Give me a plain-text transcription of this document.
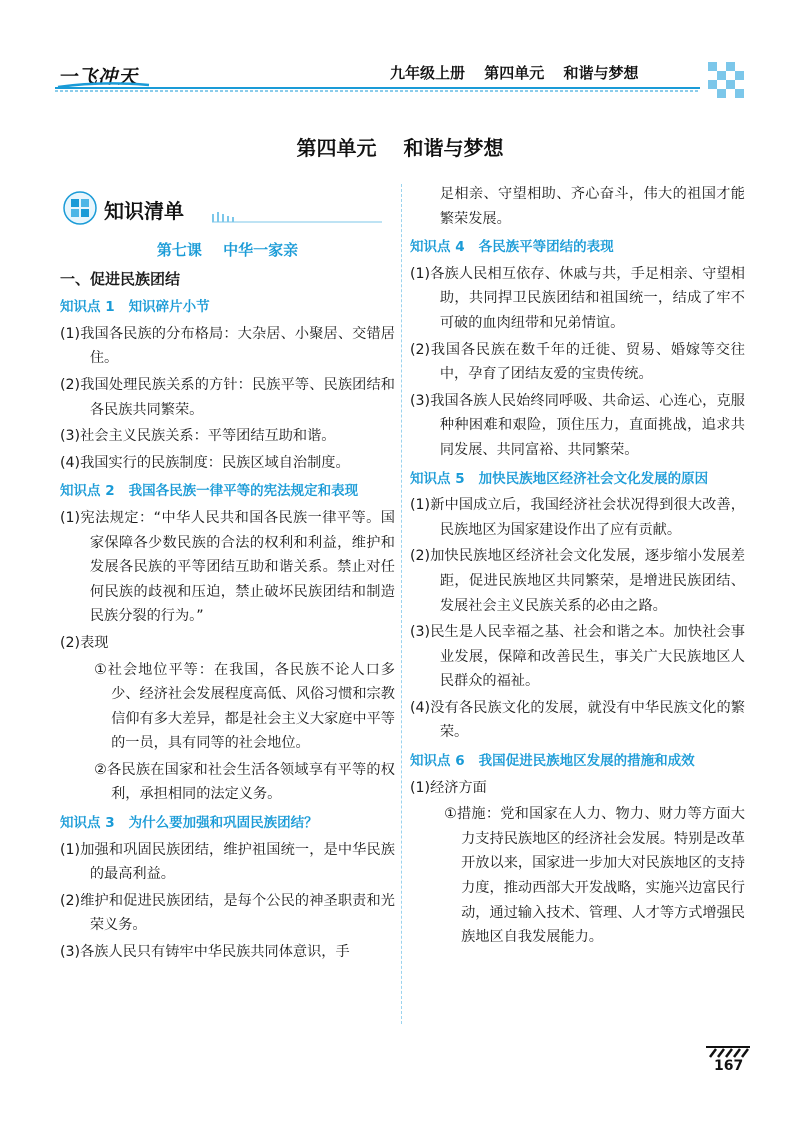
一飞冲天	九年级上册 第四单元 和谐与梦想
第四单元 和谐与梦想
知识清单
第七课 中华一家亲
一、促进民族团结
知识点 1 知识碎片小节

(1)我国各民族的分布格局：大杂居、小聚居、交错居住。

(2)我国处理民族关系的方针：民族平等、民族团结和各民族共同繁荣。

(3)社会主义民族关系：平等团结互助和谐。

(4)我国实行的民族制度：民族区域自治制度。

知识点 2 我国各民族一律平等的宪法规定和表现

(1)宪法规定：“中华人民共和国各民族一律平等。国家保障各少数民族的合法的权利和利益，维护和发展各民族的平等团结互助和谐关系。禁止对任何民族的歧视和压迫，禁止破坏民族团结和制造民族分裂的行为。”

(2)表现

①社会地位平等：在我国，各民族不论人口多少、经济社会发展程度高低、风俗习惯和宗教信仰有多大差异，都是社会主义大家庭中平等的一员，具有同等的社会地位。

②各民族在国家和社会生活各领域享有平等的权利，承担相同的法定义务。

知识点 3 为什么要加强和巩固民族团结？

(1)加强和巩固民族团结，维护祖国统一，是中华民族的最高利益。

(2)维护和促进民族团结，是每个公民的神圣职责和光荣义务。

(3)各族人民只有铸牢中华民族共同体意识，手

足相亲、守望相助、齐心奋斗，伟大的祖国才能繁荣发展。

知识点 4 各民族平等团结的表现

(1)各族人民相互依存、休戚与共，手足相亲、守望相助，共同捍卫民族团结和祖国统一，结成了牢不可破的血肉纽带和兄弟情谊。

(2)我国各民族在数千年的迁徙、贸易、婚嫁等交往中，孕育了团结友爱的宝贵传统。

(3)我国各族人民始终同呼吸、共命运、心连心，克服种种困难和艰险，顶住压力，直面挑战，追求共同发展、共同富裕、共同繁荣。

知识点 5 加快民族地区经济社会文化发展的原因

(1)新中国成立后，我国经济社会状况得到很大改善，民族地区为国家建设作出了应有贡献。

(2)加快民族地区经济社会文化发展，逐步缩小发展差距，促进民族地区共同繁荣，是增进民族团结、发展社会主义民族关系的必由之路。

(3)民生是人民幸福之基、社会和谐之本。加快社会事业发展，保障和改善民生，事关广大民族地区人民群众的福祉。

(4)没有各民族文化的发展，就没有中华民族文化的繁荣。

知识点 6 我国促进民族地区发展的措施和成效

(1)经济方面

①措施：党和国家在人力、物力、财力等方面大力支持民族地区的经济社会发展。特别是改革开放以来，国家进一步加大对民族地区的支持力度，推动西部大开发战略，实施兴边富民行动，通过输入技术、管理、人才等方式增强民族地区自我发展能力。

167
